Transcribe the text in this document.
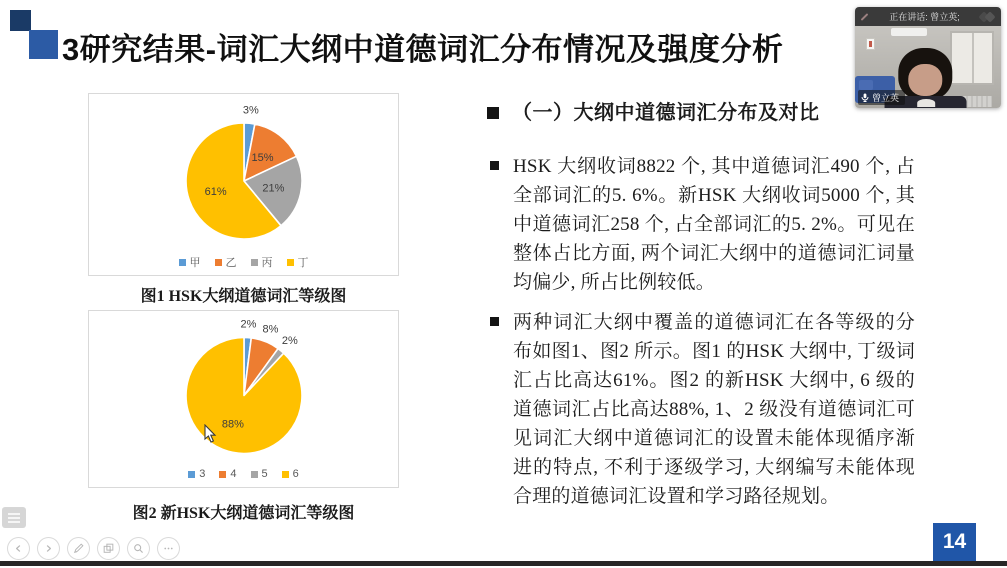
3研究结果-词汇大纲中道德词汇分布情况及强度分析
3%
15%
21%
61%
甲 乙 丙 丁
图1 HSK大纲道德词汇等级图
2% 8%
2%
88%
3 4 5 6
图2 新HSK大纲道德词汇等级图
（一）大纲中道德词汇分布及对比
HSK 大纲收词8822 个, 其中道德词汇490 个, 占全部词汇的5. 6%。新HSK 大纲收词5000 个, 其中道德词汇258 个, 占全部词汇的5. 2%。可见在整体占比方面, 两个词汇大纲中的道德词汇词量均偏少, 所占比例较低。
两种词汇大纲中覆盖的道德词汇在各等级的分布如图1、图2 所示。图1 的HSK 大纲中, 丁级词汇占比高达61%。图2 的新HSK 大纲中, 6 级的道德词汇占比高达88%, 1、2 级没有道德词汇可见词汇大纲中道德词汇的设置未能体现循序渐进的特点, 不利于逐级学习, 大纲编写未能体现合理的道德词汇设置和学习路径规划。
正在讲话: 曾立英;
曾立英
14
